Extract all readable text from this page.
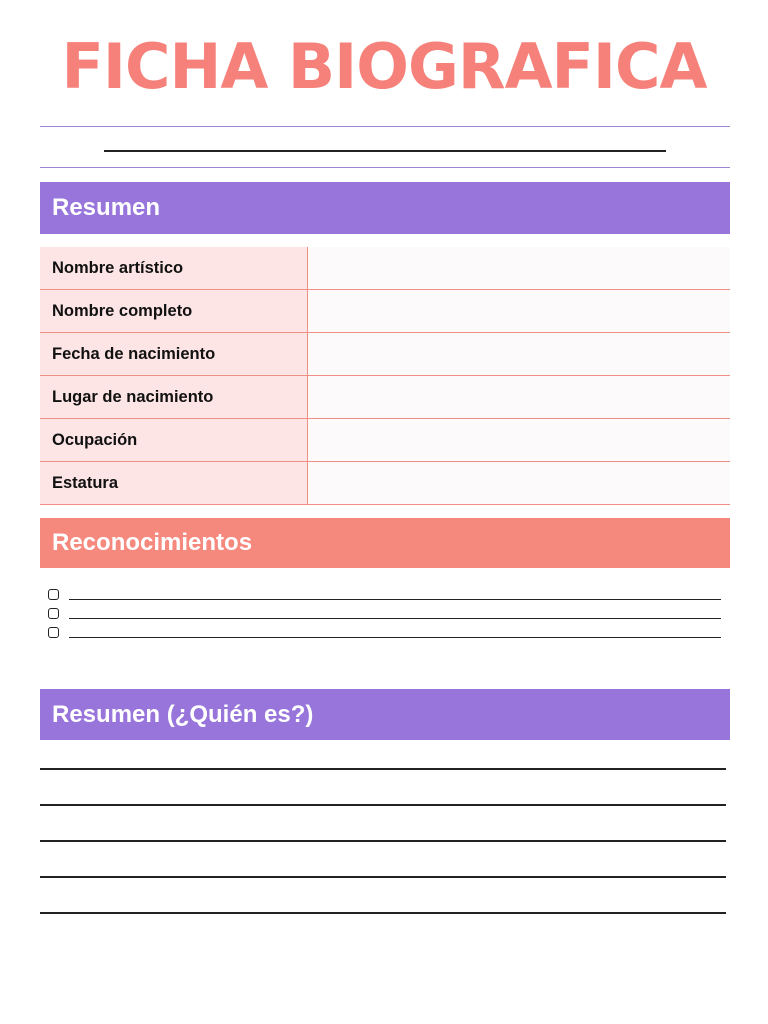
FICHA BIOGRAFICA
Resumen
Nombre artístico	
Nombre completo	
Fecha de nacimiento	
Lugar de nacimiento	
Ocupación	
Estatura	
Reconocimientos
Resumen (¿Quién es?)
